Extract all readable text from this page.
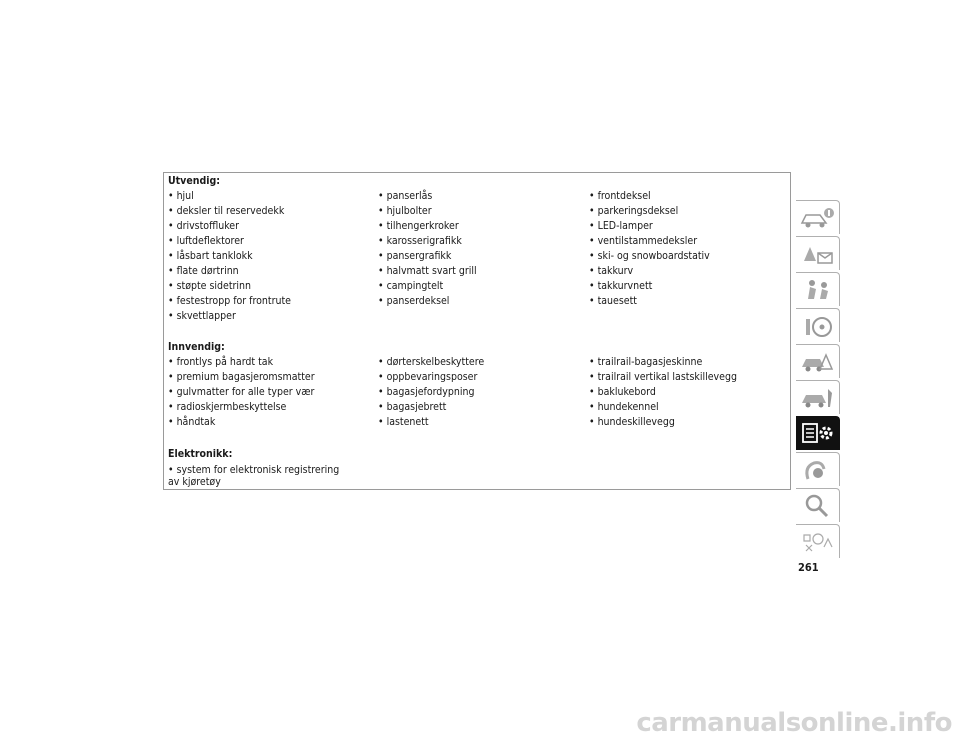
Utvendig:
• hjul
• deksler til reservedekk
• drivstoffluker
• luftdeflektorer
• låsbart tanklokk
• flate dørtrinn
• støpte sidetrinn
• festestropp for frontrute
• skvettlapper
• panserlås
• hjulbolter
• tilhengerkroker
• karosserigrafikk
• pansergrafikk
• halvmatt svart grill
• campingtelt
• panserdeksel
• frontdeksel
• parkeringsdeksel
• LED-lamper
• ventilstammedeksler
• ski- og snowboardstativ
• takkurv
• takkurvnett
• tauesett
Innvendig:
• frontlys på hardt tak
• premium bagasjeromsmatter
• gulvmatter for alle typer vær
• radioskjermbeskyttelse
• håndtak
• dørterskelbeskyttere
• oppbevaringsposer
• bagasjefordypning
• bagasjebrett
• lastenett
• trailrail-bagasjeskinne
• trailrail vertikal lastskillevegg
• baklukebord
• hundekennel
• hundeskillevegg
Elektronikk:
• system for elektronisk registrering
av kjøretøy
261
carmanualsonline.info
